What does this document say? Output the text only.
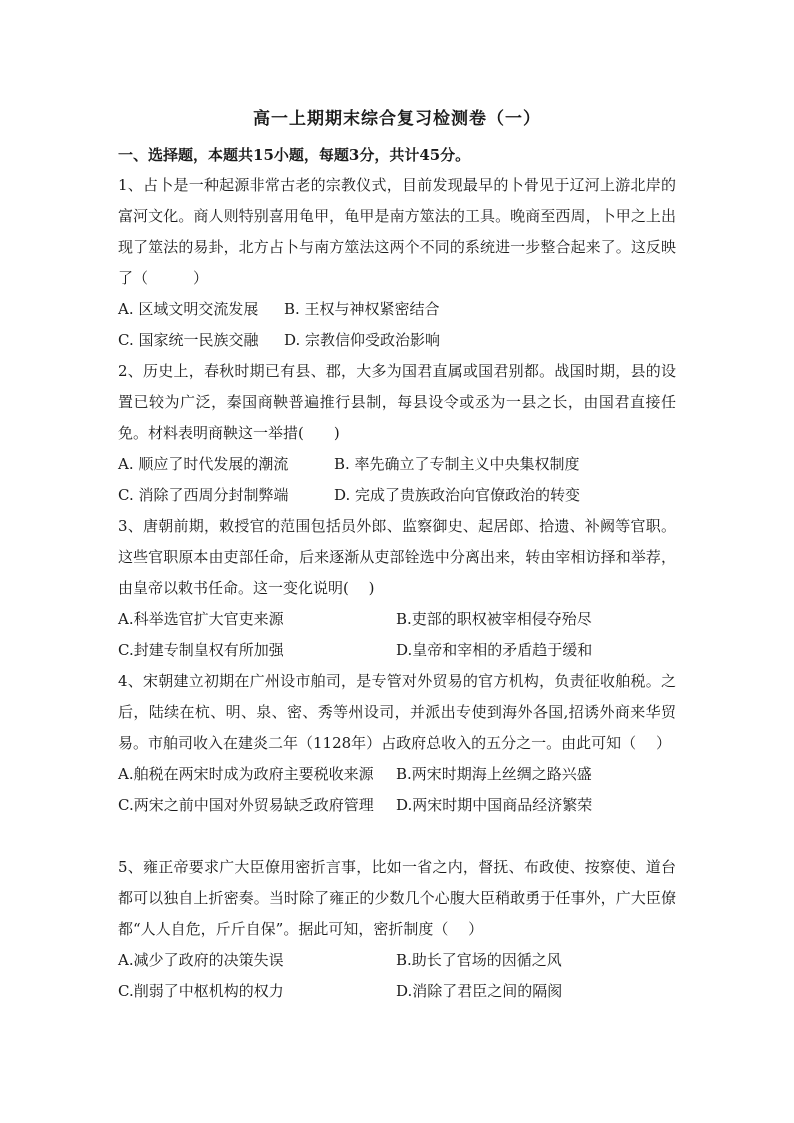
高一上期期末综合复习检测卷（一）
一、选择题，本题共15小题，每题3分，共计45分。

1、占卜是一种起源非常古老的宗教仪式，目前发现最早的卜骨见于辽河上游北岸的富河文化。商人则特别喜用龟甲，龟甲是南方筮法的工具。晚商至西周，卜甲之上出现了筮法的易卦，北方占卜与南方筮法这两个不同的系统进一步整合起来了。这反映了（　　　）

A. 区域文明交流发展 B. 王权与神权紧密结合
C. 国家统一民族交融 D. 宗教信仰受政治影响

2、历史上，春秋时期已有县、郡，大多为国君直属或国君别都。战国时期，县的设置已较为广泛，秦国商鞅普遍推行县制，每县设令或丞为一县之长，由国君直接任免。材料表明商鞅这一举措(　　)

A. 顺应了时代发展的潮流	B. 率先确立了专制主义中央集权制度
C. 消除了西周分封制弊端	D. 完成了贵族政治向官僚政治的转变

3、唐朝前期，敕授官的范围包括员外郎、监察御史、起居郎、拾遗、补阙等官职。这些官职原本由吏部任命，后来逐渐从吏部铨选中分离出来，转由宰相访择和举荐，由皇帝以敕书任命。这一变化说明(　 )

A.科举选官扩大官吏来源	B.吏部的职权被宰相侵夺殆尽
C.封建专制皇权有所加强	D.皇帝和宰相的矛盾趋于缓和

4、宋朝建立初期在广州设市舶司，是专管对外贸易的官方机构，负责征收舶税。之后，陆续在杭、明、泉、密、秀等州设司，并派出专使到海外各国,招诱外商来华贸易。市舶司收入在建炎二年（1128年）占政府总收入的五分之一。由此可知（　 ）

A.舶税在两宋时成为政府主要税收来源 B.两宋时期海上丝绸之路兴盛
C.两宋之前中国对外贸易缺乏政府管理 D.两宋时期中国商品经济繁荣

5、雍正帝要求广大臣僚用密折言事，比如一省之内，督抚、布政使、按察使、道台都可以独自上折密奏。当时除了雍正的少数几个心腹大臣稍敢勇于任事外，广大臣僚都“人人自危，斤斤自保”。据此可知，密折制度（　 ）

A.减少了政府的决策失误	B.助长了官场的因循之风
C.削弱了中枢机构的权力	D.消除了君臣之间的隔阂
